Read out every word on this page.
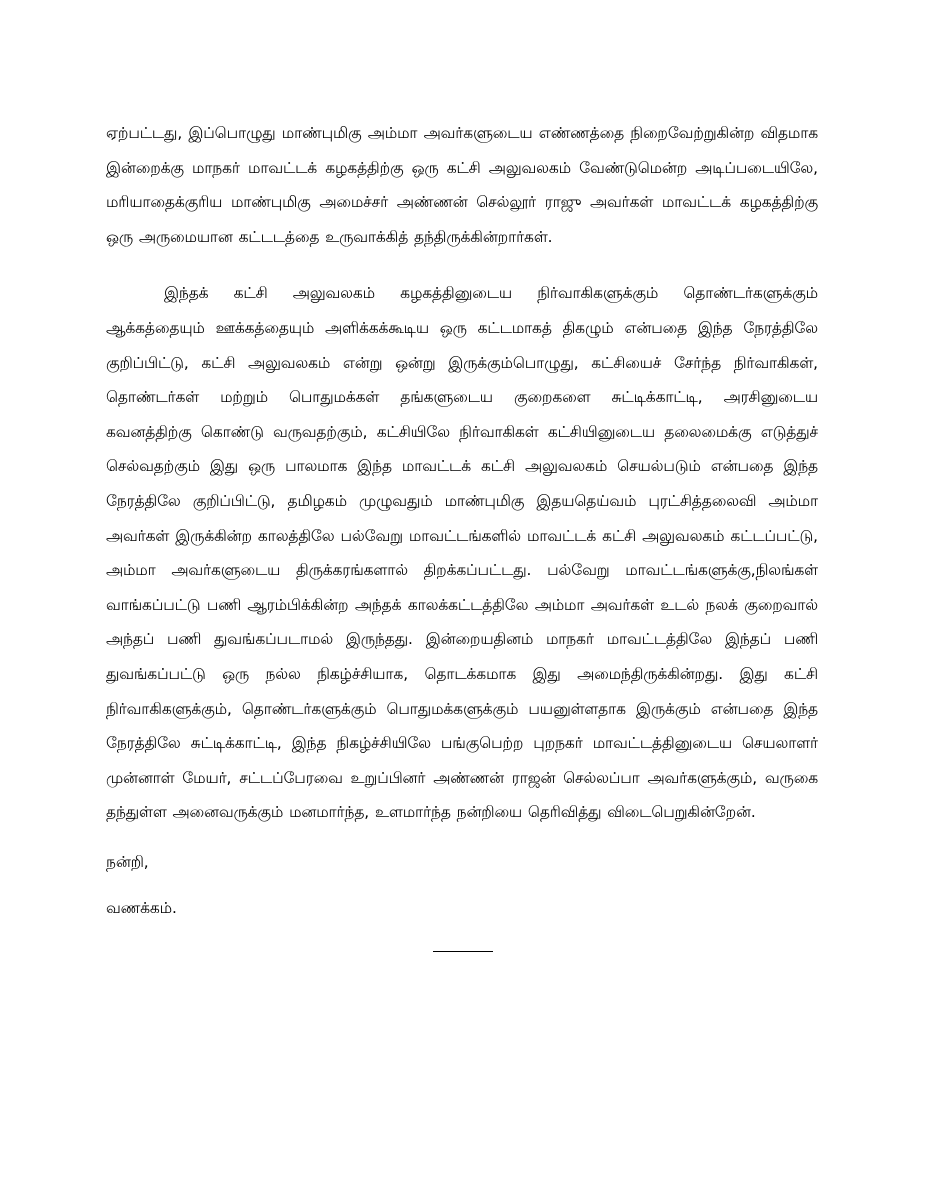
ஏற்பட்டது, இப்பொழுது மாண்புமிகு அம்மா அவர்களுடைய எண்ணத்தை நிறைவேற்றுகின்ற விதமாக இன்றைக்கு மாநகர் மாவட்டக் கழகத்திற்கு ஒரு கட்சி அலுவலகம் வேண்டுமென்ற அடிப்படையிலே, மரியாதைக்குரிய மாண்புமிகு அமைச்சர் அண்ணன் செல்லூர் ராஜு அவர்கள் மாவட்டக் கழகத்திற்கு ஒரு அருமையான கட்டடத்தை உருவாக்கித் தந்திருக்கின்றார்கள்.

இந்தக் கட்சி அலுவலகம் கழகத்தினுடைய நிர்வாகிகளுக்கும் தொண்டர்களுக்கும் ஆக்கத்தையும் ஊக்கத்தையும் அளிக்கக்கூடிய ஒரு கட்டமாகத் திகழும் என்பதை இந்த நேரத்திலே குறிப்பிட்டு, கட்சி அலுவலகம் என்று ஒன்று இருக்கும்பொழுது, கட்சியைச் சேர்ந்த நிர்வாகிகள், தொண்டர்கள் மற்றும் பொதுமக்கள் தங்களுடைய குறைகளை சுட்டிக்காட்டி, அரசினுடைய கவனத்திற்கு கொண்டு வருவதற்கும், கட்சியிலே நிர்வாகிகள் கட்சியினுடைய தலைமைக்கு எடுத்துச் செல்வதற்கும் இது ஒரு பாலமாக இந்த மாவட்டக் கட்சி அலுவலகம் செயல்படும் என்பதை இந்த நேரத்திலே குறிப்பிட்டு, தமிழகம் முழுவதும் மாண்புமிகு இதயதெய்வம் புரட்சித்தலைவி அம்மா அவர்கள் இருக்கின்ற காலத்திலே பல்வேறு மாவட்டங்களில் மாவட்டக் கட்சி அலுவலகம் கட்டப்பட்டு, அம்மா அவர்களுடைய திருக்கரங்களால் திறக்கப்பட்டது. பல்வேறு மாவட்டங்களுக்கு,நிலங்கள் வாங்கப்பட்டு பணி ஆரம்பிக்கின்ற அந்தக் காலக்கட்டத்திலே அம்மா அவர்கள் உடல் நலக் குறைவால் அந்தப் பணி துவங்கப்படாமல் இருந்தது. இன்றையதினம் மாநகர் மாவட்டத்திலே இந்தப் பணி துவங்கப்பட்டு ஒரு நல்ல நிகழ்ச்சியாக, தொடக்கமாக இது அமைந்திருக்கின்றது. இது கட்சி நிர்வாகிகளுக்கும், தொண்டர்களுக்கும் பொதுமக்களுக்கும் பயனுள்ளதாக இருக்கும் என்பதை இந்த நேரத்திலே சுட்டிக்காட்டி, இந்த நிகழ்ச்சியிலே பங்குபெற்ற புறநகர் மாவட்டத்தினுடைய செயலாளர் முன்னாள் மேயர், சட்டப்பேரவை உறுப்பினர் அண்ணன் ராஜன் செல்லப்பா அவர்களுக்கும், வருகை தந்துள்ள அனைவருக்கும் மனமார்ந்த, உளமார்ந்த நன்றியை தெரிவித்து விடைபெறுகின்றேன்.

நன்றி,

வணக்கம்.
